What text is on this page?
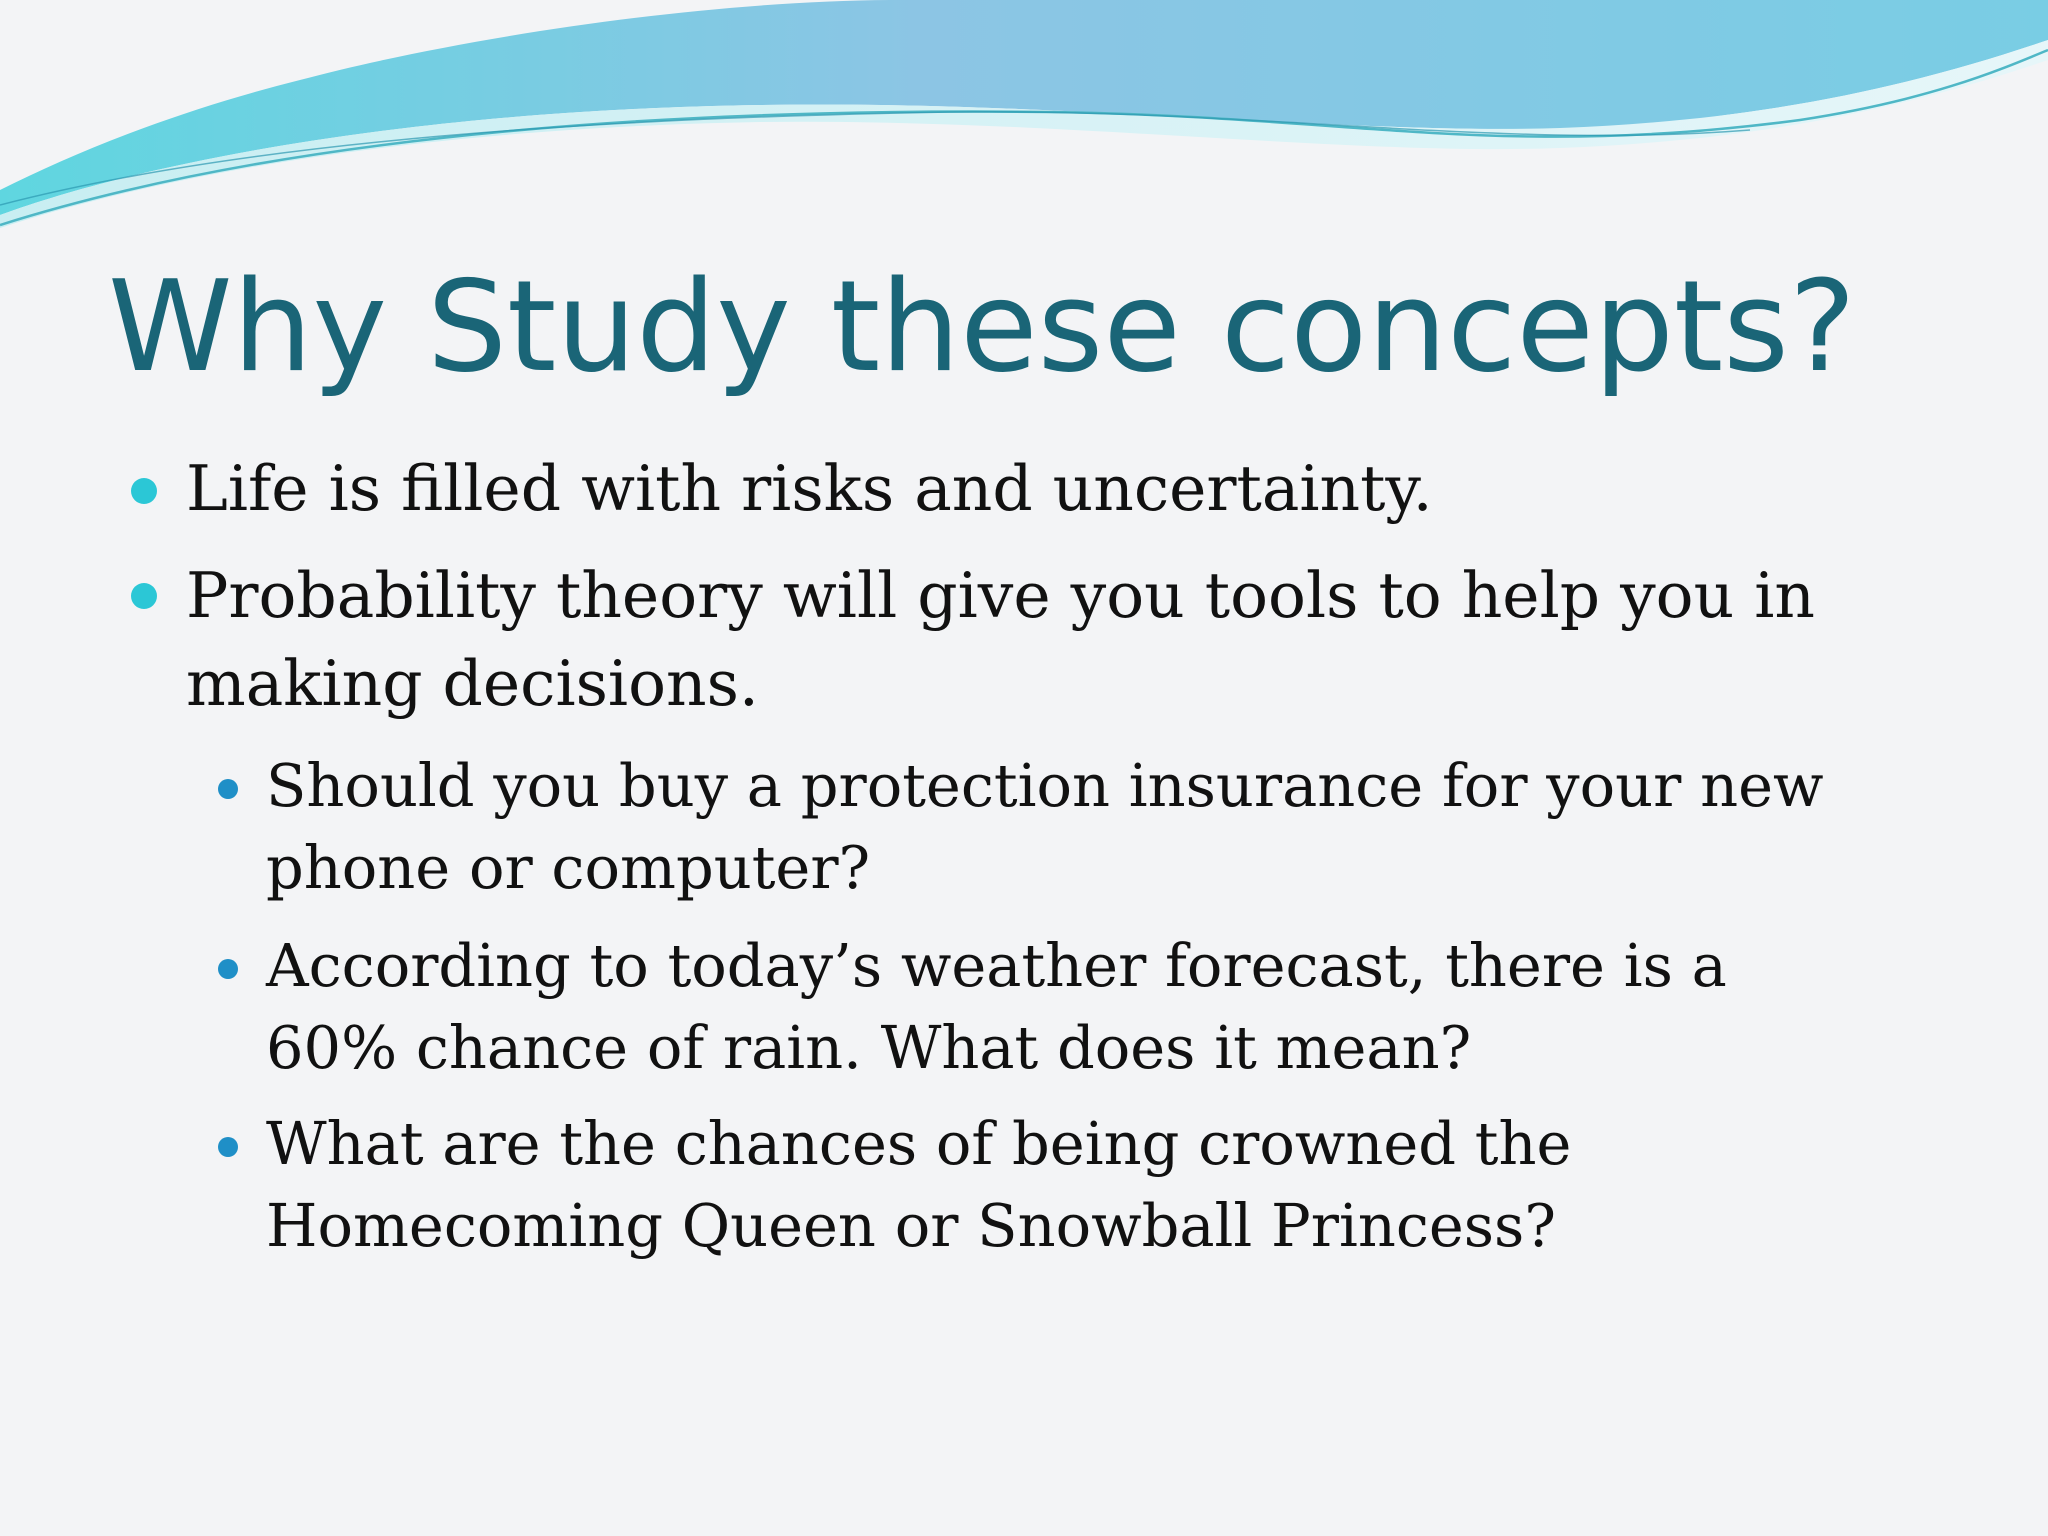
Why Study these concepts?

Life is filled with risks and uncertainty.

Probability theory will give you tools to help you in making decisions.

Should you buy a protection insurance for your new phone or computer?

According to today’s weather forecast, there is a 60% chance of rain. What does it mean?

What are the chances of being crowned the Homecoming Queen or Snowball Princess?
